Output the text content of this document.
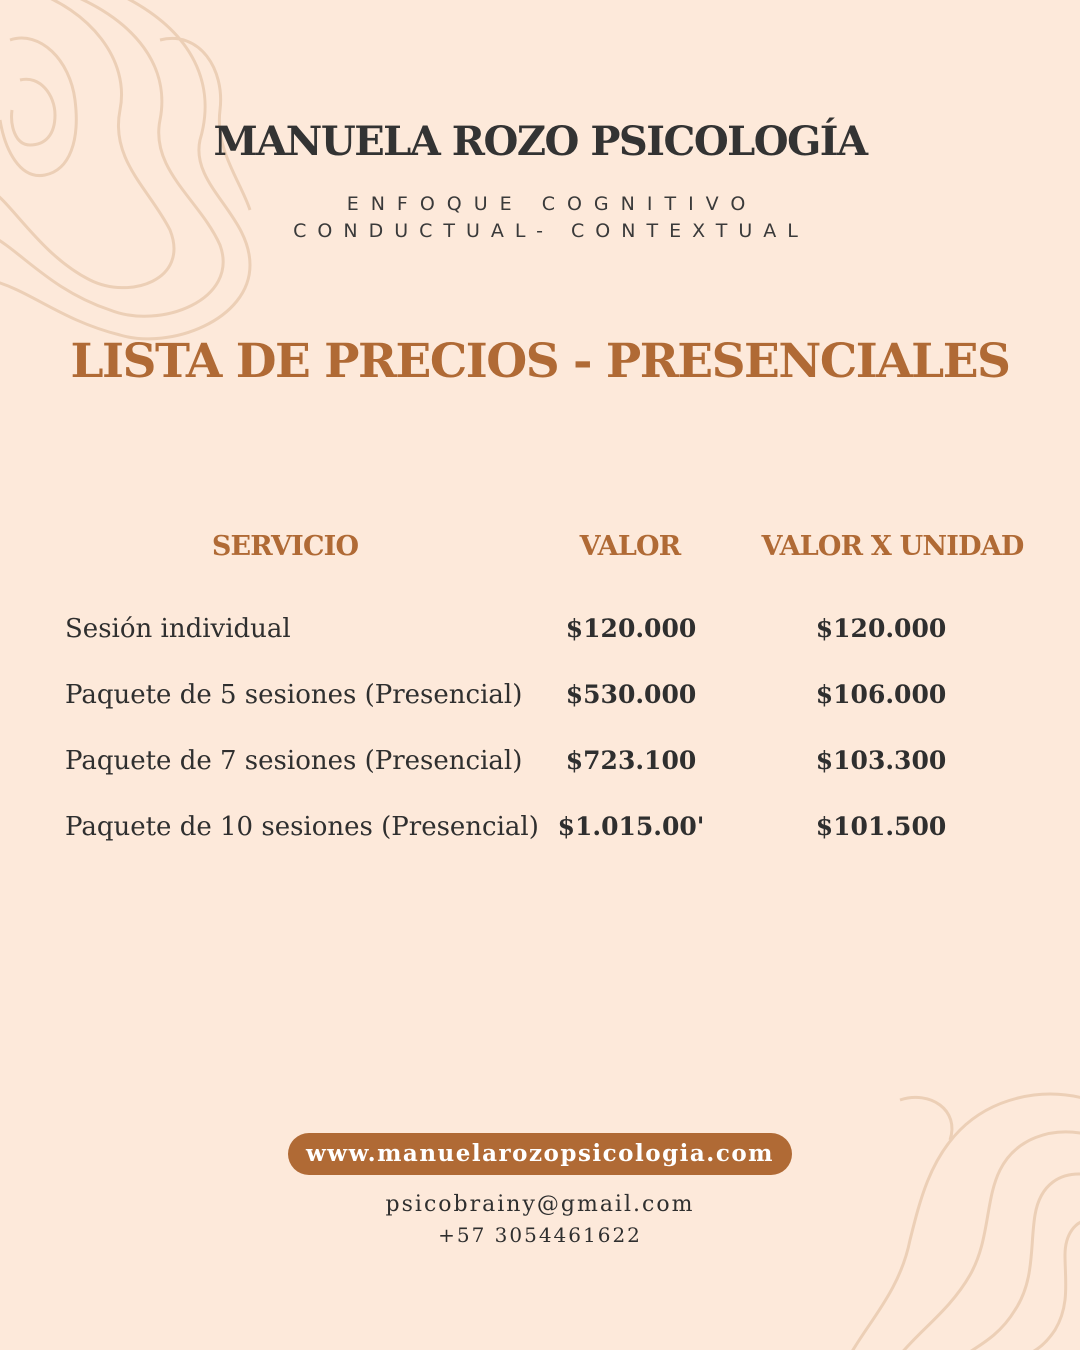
MANUELA ROZO PSICOLOGÍA
ENFOQUE COGNITIVO
CONDUCTUAL- CONTEXTUAL
LISTA DE PRECIOS - PRESENCIALES
SERVICIO	VALOR	VALOR X UNIDAD
Sesión individual	$120.000	$120.000
Paquete de 5 sesiones (Presencial)	$530.000	$106.000
Paquete de 7 sesiones (Presencial)	$723.100	$103.300
Paquete de 10 sesiones (Presencial) $1.015.00'	$101.500
www.manuelarozopsicologia.com
psicobrainy@gmail.com
+57 3054461622
